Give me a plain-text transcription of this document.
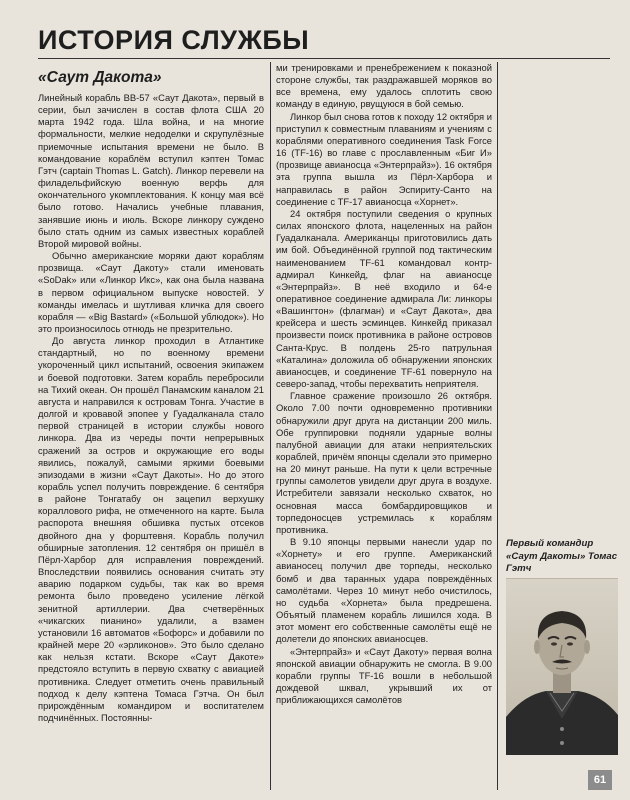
ИСТОРИЯ СЛУЖБЫ
«Саут Дакота»

Линейный корабль BB-57 «Саут Дакота», первый в серии, был зачислен в состав флота США 20 марта 1942 года. Шла война, и на многие формальности, мелкие недоделки и скрупулёзные приемочные испытания времени не было. В командование кораблём вступил кэптен Томас Гэтч (captain Thomas L. Gatch). Линкор перевели на филадельфийскую военную верфь для окончательного укомплектования. К концу мая всё было готово. Начались учебные плавания, занявшие июнь и июль. Вскоре линкору суждено было стать одним из самых известных кораблей Второй мировой войны.

Обычно американские моряки дают кораблям прозвища. «Саут Дакоту» стали именовать «SoDak» или «Линкор Икс», как она была названа в первом официальном выпуске новостей. У команды имелась и шутливая кличка для своего корабля — «Big Bastard» («Большой ублюдок»). Но это произносилось отнюдь не презрительно.

До августа линкор проходил в Атлантике стандартный, но по военному времени укороченный цикл испытаний, освоения экипажем и боевой подготовки. Затем корабль перебросили на Тихий океан. Он прошёл Панамским каналом 21 августа и направился к островам Тонга. Участие в долгой и кровавой эпопее у Гуадалканала стало первой страницей в истории службы нового линкора. Два из череды почти непрерывных сражений за остров и окружающие его воды явились, пожалуй, самыми яркими боевыми эпизодами в жизни «Саут Дакоты». Но до этого корабль успел получить повреждение. 6 сентября в районе Тонгатабу он зацепил верхушку кораллового рифа, не отмеченного на карте. Была распорота внешняя обшивка пустых отсеков двойного дна у форштевня. Корабль получил обширные затопления. 12 сентября он пришёл в Пёрл-Харбор для исправления повреждений. Впоследствии появились основания считать эту аварию подарком судьбы, так как во время ремонта было проведено усиление лёгкой зенитной артиллерии. Два счетверённых «чикагских пианино» удалили, а взамен установили 16 автоматов «Бофорс» и добавили по крайней мере 20 «эрликонов». Это было сделано как нельзя кстати. Вскоре «Саут Дакоте» предстояло вступить в первую схватку с авиацией противника. Следует отметить очень правильный подход к делу кэптена Томаса Гэтча. Он был прирождённым командиром и воспитателем подчинённых. Постоянны-

ми тренировками и пренебрежением к показной стороне службы, так раздражавшей моряков во все времена, ему удалось сплотить свою команду в единую, рвущуюся в бой семью.

Линкор был снова готов к походу 12 октября и приступил к совместным плаваниям и учениям с кораблями оперативного соединения Task Force 16 (TF-16) во главе с прославленным «Биг И» (прозвище авианосца «Энтерпрайз»). 16 октября эта группа вышла из Пёрл-Харбора и направилась в район Эспириту-Санто на соединение с TF-17 авианосца «Хорнет».

24 октября поступили сведения о крупных силах японского флота, нацеленных на район Гуадалканала. Американцы приготовились дать им бой. Объединённой группой под тактическим наименованием TF-61 командовал контр-адмирал Кинкейд, флаг на авианосце «Энтерпрайз». В неё входило и 64-е оперативное соединение адмирала Ли: линкоры «Вашингтон» (флагман) и «Саут Дакота», два крейсера и шесть эсминцев. Кинкейд приказал произвести поиск противника в районе островов Санта-Крус. В полдень 25-го патрульная «Каталина» доложила об обнаружении японских авианосцев, и соединение TF-61 повернуло на северо-запад, чтобы перехватить неприятеля.

Главное сражение произошло 26 октября. Около 7.00 почти одновременно противники обнаружили друг друга на дистанции 200 миль. Обе группировки подняли ударные волны палубной авиации для атаки неприятельских кораблей, причём японцы сделали это примерно на 20 минут раньше. На пути к цели встречные группы самолетов увидели друг друга в воздухе. Истребители завязали несколько схваток, но основная масса бомбардировщиков и торпедоносцев устремилась к кораблям противника.

В 9.10 японцы первыми нанесли удар по «Хорнету» и его группе. Американский авианосец получил две торпеды, несколько бомб и два таранных удара повреждённых самолётами. Через 10 минут небо очистилось, но судьба «Хорнета» была предрешена. Объятый пламенем корабль лишился хода. В этот момент его собственные самолёты ещё не долетели до японских авианосцев.

«Энтерпрайз» и «Саут Дакоту» первая волна японской авиации обнаружить не смогла. В 9.00 корабли группы TF-16 вошли в небольшой дождевой шквал, укрывший их от приближающихся самолётов

Первый командир «Саут Дакоты» Томас Гэтч
61
